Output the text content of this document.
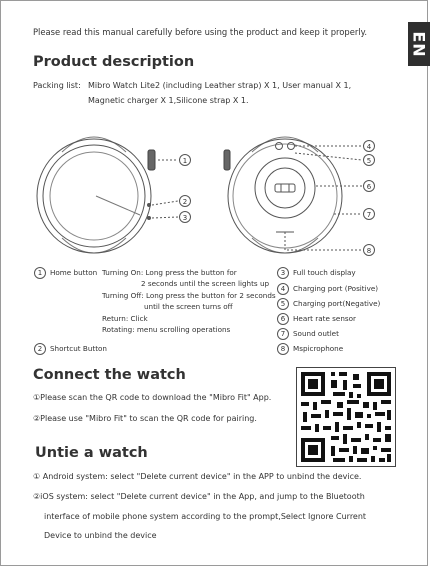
EN
Please read this manual carefully before using the product and keep it properly.
Product description
Packing list: Mibro Watch Lite2 (including Leather strap) X 1, User manual X 1,
Magnetic charger X 1,Silicone strap X 1.
1
2
3
4
5
6
7
8
1 Home button Turning On: Long press the button for
2 seconds until the screen lights up
Turning Off: Long press the button for 2 seconds
until the screen turns off
Return: Click
Rotating: menu scrolling operations
2 Shortcut Button
3 Full touch display
4 Charging port (Positive)
5 Charging port(Negative)
6 Heart rate sensor
7 Sound outlet
8 Mspicrophone
Connect the watch
①Please scan the QR code to download the "Mibro Fit" App.
②Please use "Mibro Fit" to scan the QR code for pairing.
Untie a watch
① Android system: select "Delete current device" in the APP to unbind the device.
②iOS system: select "Delete current device" in the App, and jump to the Bluetooth
interface of mobile phone system according to the prompt,Select Ignore Current
Device to unbind the device
